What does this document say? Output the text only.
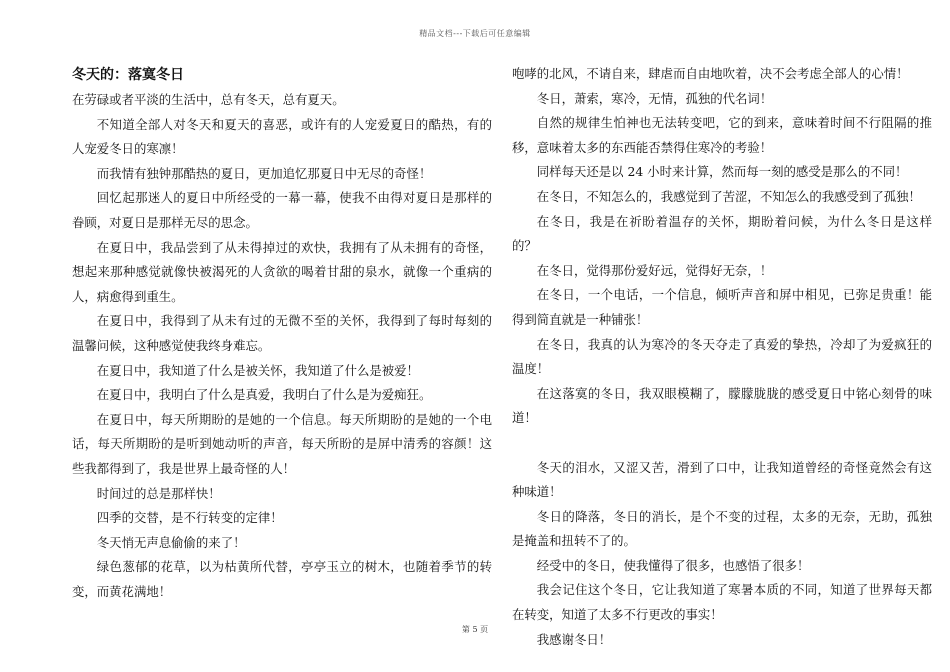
精品文档---下载后可任意编辑
冬天的：落寞冬日

在劳碌或者平淡的生活中，总有冬天，总有夏天。

不知道全部人对冬天和夏天的喜恶，或许有的人宠爱夏日的酷热，有的人宠爱冬日的寒凛！

而我情有独钟那酷热的夏日，更加追忆那夏日中无尽的奇怪！

回忆起那迷人的夏日中所经受的一幕一幕，使我不由得对夏日是那样的眷顾，对夏日是那样无尽的思念。

在夏日中，我品尝到了从未得掉过的欢快，我拥有了从未拥有的奇怪，想起来那种感觉就像快被渴死的人贪欲的喝着甘甜的泉水，就像一个重病的人，病愈得到重生。

在夏日中，我得到了从未有过的无微不至的关怀，我得到了每时每刻的温馨问候，这种感觉使我终身难忘。

在夏日中，我知道了什么是被关怀，我知道了什么是被爱！

在夏日中，我明白了什么是真爱，我明白了什么是为爱痴狂。

在夏日中，每天所期盼的是她的一个信息。每天所期盼的是她的一个电话，每天所期盼的是听到她动听的声音，每天所盼的是屏中清秀的容颜！这些我都得到了，我是世界上最奇怪的人！

时间过的总是那样快！

四季的交替，是不行转变的定律！

冬天悄无声息偷偷的来了！

绿色葱郁的花草，以为枯黄所代替，亭亭玉立的树木，也随着季节的转变，而黄花满地！

咆哮的北风，不请自来，肆虐而自由地吹着，决不会考虑全部人的心情！

冬日，萧索，寒冷，无情，孤独的代名词！

自然的规律生怕神也无法转变吧，它的到来，意味着时间不行阻隔的推移，意味着太多的东西能否禁得住寒冷的考验！

同样每天还是以 24 小时来计算，然而每一刻的感受是那么的不同！

在冬日，不知怎么的，我感觉到了苦涩，不知怎么的我感受到了孤独！

在冬日，我是在祈盼着温存的关怀，期盼着问候，为什么冬日是这样的？

在冬日，觉得那份爱好远，觉得好无奈，！

在冬日，一个电话，一个信息，倾听声音和屏中相见，已弥足贵重！能得到简直就是一种铺张！

在冬日，我真的认为寒冷的冬天夺走了真爱的挚热，冷却了为爱疯狂的温度！

在这落寞的冬日，我双眼模糊了，朦朦胧胧的感受夏日中铭心刻骨的味道！

冬天的泪水，又涩又苦，滑到了口中，让我知道曾经的奇怪竟然会有这种味道！

冬日的降落，冬日的消长，是个不变的过程，太多的无奈，无助，孤独是掩盖和扭转不了的。

经受中的冬日，使我懂得了很多，也感悟了很多！

我会记住这个冬日，它让我知道了寒暑本质的不同，知道了世界每天都在转变，知道了太多不行更改的事实！

我感谢冬日！

第 5 页
